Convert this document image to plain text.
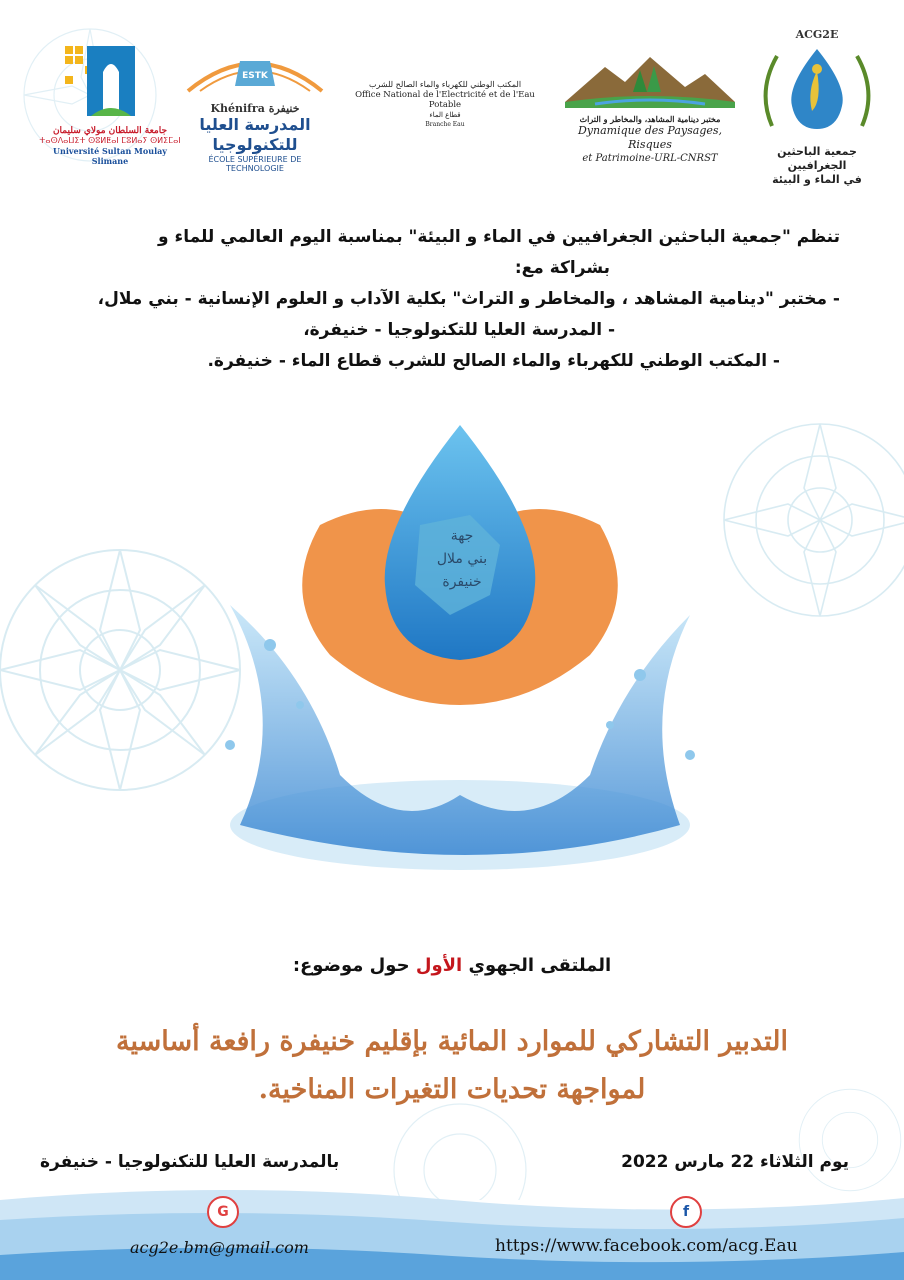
جامعة السلطان مولاي سليمان
ⵜⴰⵙⴷⴰⵡⵉⵜ ⵙⵓⵍⵟⴰⵏ ⵎⵓⵍⴰⵢ ⵙⵍⵉⵎⴰⵏ
Université Sultan Moulay Slimane
ESTK
Khénifra خنيفرة
المدرسة العليا للتكنولوجيا
ÉCOLE SUPÉRIEURE DE TECHNOLOGIE
المكتب الوطني للكهرباء والماء الصالح للشرب
Office National de l'Electricité et de l'Eau Potable
قطاع الماء
Branche Eau
مختبر دينامية المشاهد، والمخاطر و التراث
Dynamique des Paysages, Risques
et Patrimoine-URL-CNRST
ACG2E
جمعية الباحثين الجغرافيين
في الماء و البيئة

تنظم "جمعية الباحثين الجغرافيين في الماء و البيئة" بمناسبة اليوم العالمي للماء و

بشراكة مع:

- مختبر "دينامية المشاهد ، والمخاطر و التراث" بكلية الآداب و العلوم الإنسانية - بني ملال،

- المدرسة العليا للتكنولوجيا - خنيفرة،

- المكتب الوطني للكهرباء والماء الصالح للشرب قطاع الماء - خنيفرة.

جهة
بني ملال
خنيفرة
الملتقى الجهوي الأول حول موضوع:

التدبير التشاركي للموارد المائية بإقليم خنيفرة رافعة أساسية

لمواجهة تحديات التغيرات المناخية.

يوم الثلاثاء 22 مارس 2022
بالمدرسة العليا للتكنولوجيا - خنيفرة
G
acg2e.bm@gmail.com
f
https://www.facebook.com/acg.Eau
